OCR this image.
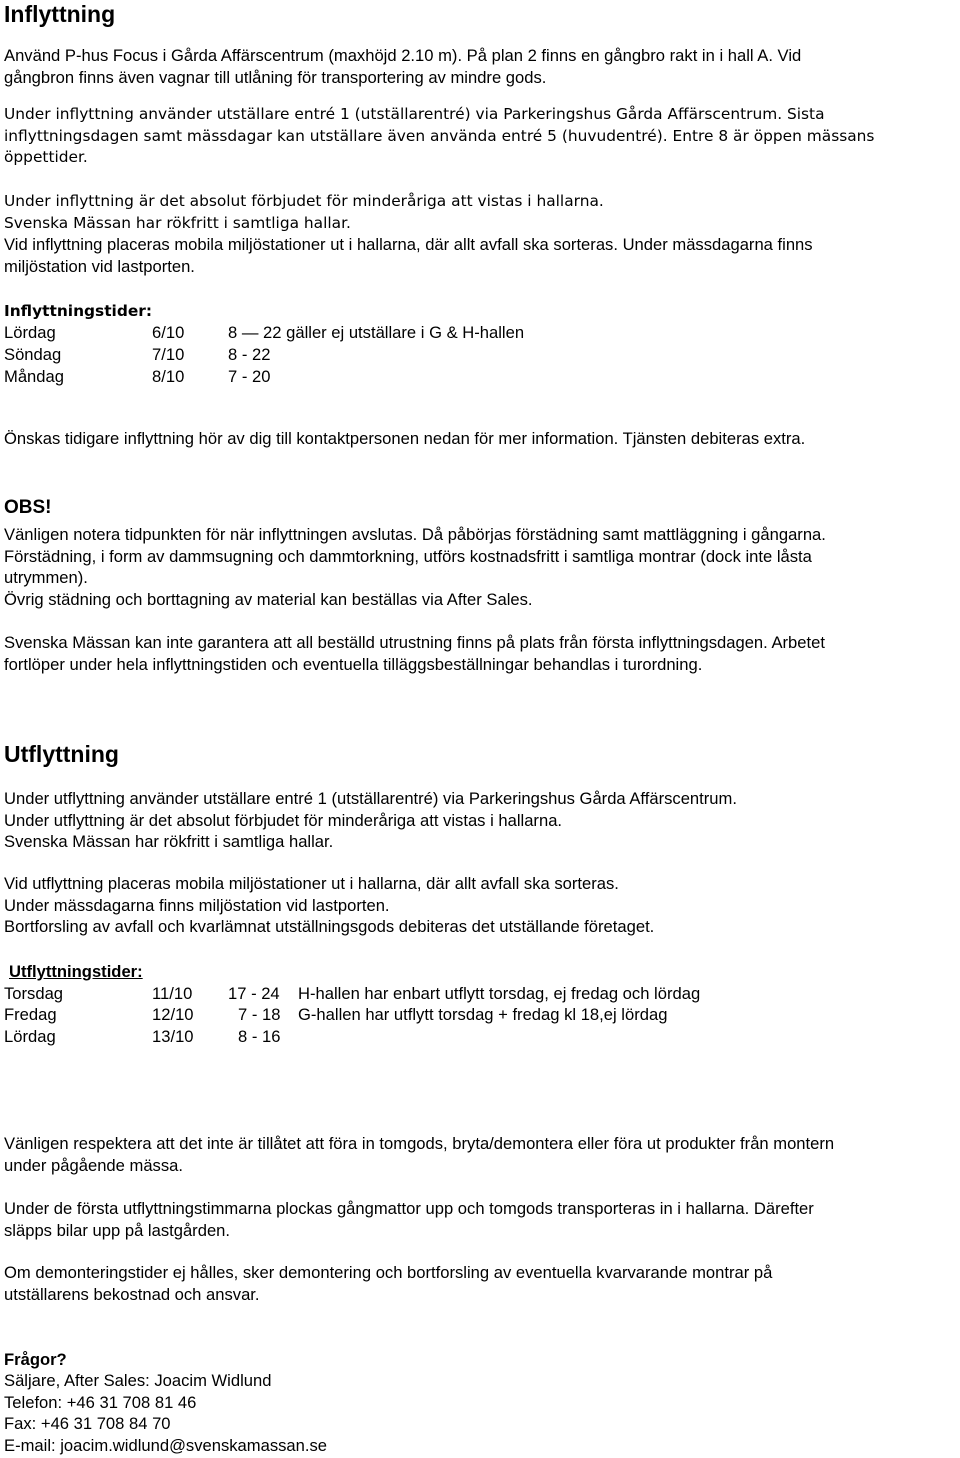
Inflyttning
Använd P-hus Focus i Gårda Affärscentrum (maxhöjd 2.10 m). På plan 2 finns en gångbro rakt in i hall A. Vid
gångbron finns även vagnar till utlåning för transportering av mindre gods.
Under inflyttning använder utställare entré 1 (utställarentré) via Parkeringshus Gårda Affärscentrum. Sista
inflyttningsdagen samt mässdagar kan utställare även använda entré 5 (huvudentré). Entre 8 är öppen mässans
öppettider.
Under inflyttning är det absolut förbjudet för minderåriga att vistas i hallarna.
Svenska Mässan har rökfritt i samtliga hallar.
Vid inflyttning placeras mobila miljöstationer ut i hallarna, där allt avfall ska sorteras. Under mässdagarna finns
miljöstation vid lastporten.
Inflyttningstider:
Lördag	6/10	8 — 22 gäller ej utställare i G & H-hallen
Söndag	7/10	8 - 22
Måndag	8/10	7 - 20
Önskas tidigare inflyttning hör av dig till kontaktpersonen nedan för mer information. Tjänsten debiteras extra.
OBS!
Vänligen notera tidpunkten för när inflyttningen avslutas. Då påbörjas förstädning samt mattläggning i gångarna.
Förstädning, i form av dammsugning och dammtorkning, utförs kostnadsfritt i samtliga montrar (dock inte låsta
utrymmen).
Övrig städning och borttagning av material kan beställas via After Sales.
Svenska Mässan kan inte garantera att all beställd utrustning finns på plats från första inflyttningsdagen. Arbetet
fortlöper under hela inflyttningstiden och eventuella tilläggsbeställningar behandlas i turordning.
Utflyttning
Under utflyttning använder utställare entré 1 (utställarentré) via Parkeringshus Gårda Affärscentrum.
Under utflyttning är det absolut förbjudet för minderåriga att vistas i hallarna.
Svenska Mässan har rökfritt i samtliga hallar.
Vid utflyttning placeras mobila miljöstationer ut i hallarna, där allt avfall ska sorteras.
Under mässdagarna finns miljöstation vid lastporten.
Bortforsling av avfall och kvarlämnat utställningsgods debiteras det utställande företaget.
Utflyttningstider:
Torsdag	11/10 17 - 24 H-hallen har enbart utflytt torsdag, ej fredag och lördag
Fredag	12/10	7 - 18 G-hallen har utflytt torsdag + fredag kl 18,ej lördag
Lördag	13/10	8 - 16
Vänligen respektera att det inte är tillåtet att föra in tomgods, bryta/demontera eller föra ut produkter från montern
under pågående mässa.
Under de första utflyttningstimmarna plockas gångmattor upp och tomgods transporteras in i hallarna. Därefter
släpps bilar upp på lastgården.
Om demonteringstider ej hålles, sker demontering och bortforsling av eventuella kvarvarande montrar på
utställarens bekostnad och ansvar.
Frågor?
Säljare, After Sales: Joacim Widlund
Telefon: +46 31 708 81 46
Fax: +46 31 708 84 70
E-mail: joacim.widlund@svenskamassan.se
